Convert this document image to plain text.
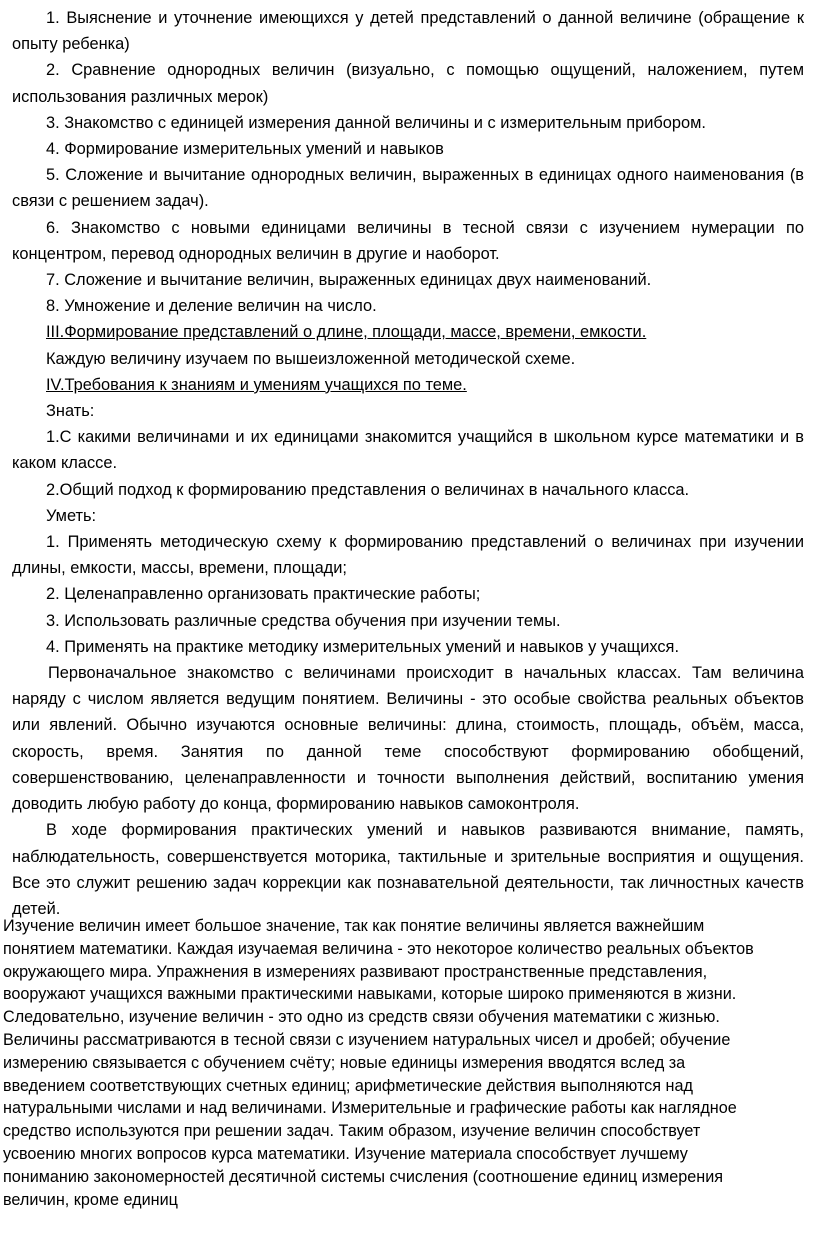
1. Выяснение и уточнение имеющихся у детей представлений о данной величине (обращение к опыту ребенка)

2. Сравнение однородных величин (визуально, с помощью ощущений, наложением, путем использования различных мерок)

3. Знакомство с единицей измерения данной величины и с измерительным прибором.

4. Формирование измерительных умений и навыков

5. Сложение и вычитание однородных величин, выраженных в единицах одного наименования (в связи с решением задач).

6. Знакомство с новыми единицами величины в тесной связи с изучением нумерации по концентром, перевод однородных величин в другие и наоборот.

7. Сложение и вычитание величин, выраженных единицах двух наименований.

8. Умножение и деление величин на число.

III.Формирование представлений о длине, площади, массе, времени, емкости.

Каждую величину изучаем по вышеизложенной методической схеме.

IV.Требования к знаниям и умениям учащихся по теме.

Знать:

1.С какими величинами и их единицами знакомится учащийся в школьном курсе математики и в каком классе.

2.Общий подход к формированию представления о величинах в начального класса.

Уметь:

1. Применять методическую схему к формированию представлений о величинах при изучении длины, емкости, массы, времени, площади;

2. Целенаправленно организовать практические работы;

3. Использовать различные средства обучения при изучении темы.

4. Применять на практике методику измерительных умений и навыков у учащихся.

Первоначальное знакомство с величинами происходит в начальных классах. Там величина наряду с числом является ведущим понятием. Величины - это особые свойства реальных объектов или явлений. Обычно изучаются основные величины: длина, стоимость, площадь, объём, масса, скорость, время. Занятия по данной теме способствуют формированию обобщений, совершенствованию, целенаправленности и точности выполнения действий, воспитанию умения доводить любую работу до конца, формированию навыков самоконтроля.

В ходе формирования практических умений и навыков развиваются внимание, память, наблюдательность, совершенствуется моторика, тактильные и зрительные восприятия и ощущения. Все это служит решению задач коррекции как познавательной деятельности, так личностных качеств детей.

Изучение величин имеет большое значение, так как понятие величины является важнейшим

понятием математики. Каждая изучаемая величина - это некоторое количество реальных объектов

окружающего мира. Упражнения в измерениях развивают пространственные представления,

вооружают учащихся важными практическими навыками, которые широко применяются в жизни.

Следовательно, изучение величин - это одно из средств связи обучения математики с жизнью.

Величины рассматриваются в тесной связи с изучением натуральных чисел и дробей; обучение

измерению связывается с обучением счёту; новые единицы измерения вводятся вслед за

введением соответствующих счетных единиц; арифметические действия выполняются над

натуральными числами и над величинами. Измерительные и графические работы как наглядное

средство используются при решении задач. Таким образом, изучение величин способствует

усвоению многих вопросов курса математики. Изучение материала способствует лучшему

пониманию закономерностей десятичной системы счисления (соотношение единиц измерения

величин, кроме единиц
